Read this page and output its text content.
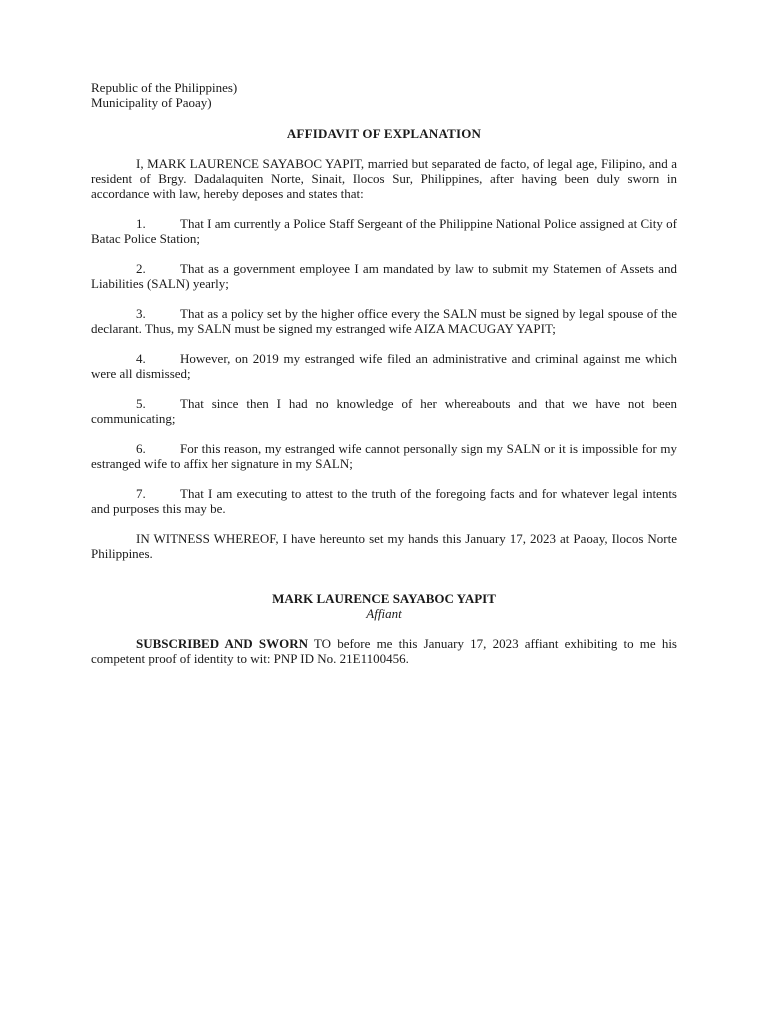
Republic of the Philippines)
Municipality of Paoay)
AFFIDAVIT OF EXPLANATION

I, MARK LAURENCE SAYABOC YAPIT, married but separated de facto, of legal age, Filipino, and a resident of Brgy. Dadalaquiten Norte, Sinait, Ilocos Sur, Philippines, after having been duly sworn in accordance with law, hereby deposes and states that:

1.	That I am currently a Police Staff Sergeant of the Philippine National Police assigned at City of Batac Police Station;
2.	That as a government employee I am mandated by law to submit my Statemen of Assets and Liabilities (SALN) yearly;
3.	That as a policy set by the higher office every the SALN must be signed by legal spouse of the declarant. Thus, my SALN must be signed my estranged wife AIZA MACUGAY YAPIT;
4.	However, on 2019 my estranged wife filed an administrative and criminal against me which were all dismissed;
5.	That since then I had no knowledge of her whereabouts and that we have not been communicating;
6.	For this reason, my estranged wife cannot personally sign my SALN or it is impossible for my estranged wife to affix her signature in my SALN;
7.	That I am executing to attest to the truth of the foregoing facts and for whatever legal intents and purposes this may be.

IN WITNESS WHEREOF, I have hereunto set my hands this January 17, 2023 at Paoay, Ilocos Norte Philippines.

MARK LAURENCE SAYABOC YAPIT
Affiant

SUBSCRIBED AND SWORN TO before me this January 17, 2023 affiant exhibiting to me his competent proof of identity to wit: PNP ID No. 21E1100456.
